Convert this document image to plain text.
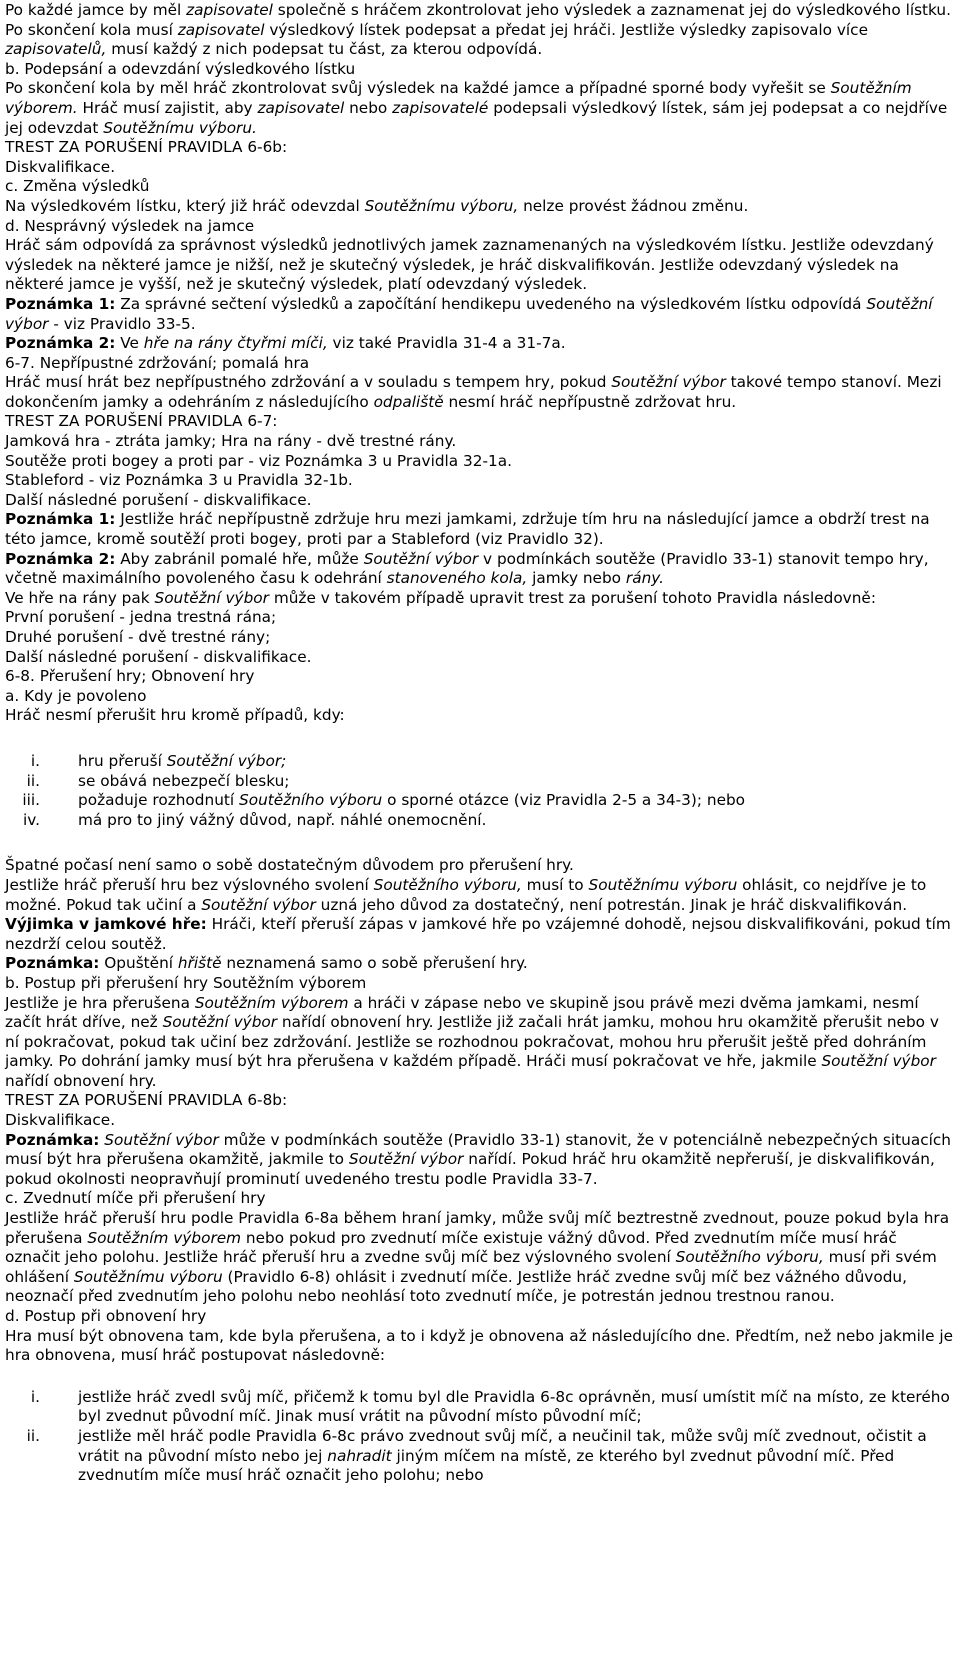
Po každé jamce by měl zapisovatel společně s hráčem zkontrolovat jeho výsledek a zaznamenat jej do výsledkového lístku. Po skončení kola musí zapisovatel výsledkový lístek podepsat a předat jej hráči. Jestliže výsledky zapisovalo více zapisovatelů, musí každý z nich podepsat tu část, za kterou odpovídá.

b. Podepsání a odevzdání výsledkového lístku

Po skončení kola by měl hráč zkontrolovat svůj výsledek na každé jamce a případné sporné body vyřešit se Soutěžním výborem. Hráč musí zajistit, aby zapisovatel nebo zapisovatelé podepsali výsledkový lístek, sám jej podepsat a co nejdříve jej odevzdat Soutěžnímu výboru.

TREST ZA PORUŠENÍ PRAVIDLA 6-6b:

Diskvalifikace.

c. Změna výsledků

Na výsledkovém lístku, který již hráč odevzdal Soutěžnímu výboru, nelze provést žádnou změnu.

d. Nesprávný výsledek na jamce

Hráč sám odpovídá za správnost výsledků jednotlivých jamek zaznamenaných na výsledkovém lístku. Jestliže odevzdaný výsledek na některé jamce je nižší, než je skutečný výsledek, je hráč diskvalifikován. Jestliže odevzdaný výsledek na některé jamce je vyšší, než je skutečný výsledek, platí odevzdaný výsledek.

Poznámka 1: Za správné sečtení výsledků a započítání hendikepu uvedeného na výsledkovém lístku odpovídá Soutěžní výbor - viz Pravidlo 33-5.

Poznámka 2: Ve hře na rány čtyřmi míči, viz také Pravidla 31-4 a 31-7a.

6-7. Nepřípustné zdržování; pomalá hra

Hráč musí hrát bez nepřípustného zdržování a v souladu s tempem hry, pokud Soutěžní výbor takové tempo stanoví. Mezi dokončením jamky a odehráním z následujícího odpaliště nesmí hráč nepřípustně zdržovat hru.

TREST ZA PORUŠENÍ PRAVIDLA 6-7:

Jamková hra - ztráta jamky; Hra na rány - dvě trestné rány.

Soutěže proti bogey a proti par - viz Poznámka 3 u Pravidla 32-1a.

Stableford - viz Poznámka 3 u Pravidla 32-1b.

Další následné porušení - diskvalifikace.

Poznámka 1: Jestliže hráč nepřípustně zdržuje hru mezi jamkami, zdržuje tím hru na následující jamce a obdrží trest na této jamce, kromě soutěží proti bogey, proti par a Stableford (viz Pravidlo 32).

Poznámka 2: Aby zabránil pomalé hře, může Soutěžní výbor v podmínkách soutěže (Pravidlo 33-1) stanovit tempo hry, včetně maximálního povoleného času k odehrání stanoveného kola, jamky nebo rány.

Ve hře na rány pak Soutěžní výbor může v takovém případě upravit trest za porušení tohoto Pravidla následovně:

První porušení - jedna trestná rána;

Druhé porušení - dvě trestné rány;

Další následné porušení - diskvalifikace.

6-8. Přerušení hry; Obnovení hry

a. Kdy je povoleno

Hráč nesmí přerušit hru kromě případů, kdy:

i.	hru přeruší Soutěžní výbor;
ii.	se obává nebezpečí blesku;
iii.	požaduje rozhodnutí Soutěžního výboru o sporné otázce (viz Pravidla 2-5 a 34-3); nebo
iv.	má pro to jiný vážný důvod, např. náhlé onemocnění.

Špatné počasí není samo o sobě dostatečným důvodem pro přerušení hry.

Jestliže hráč přeruší hru bez výslovného svolení Soutěžního výboru, musí to Soutěžnímu výboru ohlásit, co nejdříve je to možné. Pokud tak učiní a Soutěžní výbor uzná jeho důvod za dostatečný, není potrestán. Jinak je hráč diskvalifikován.

Výjimka v jamkové hře: Hráči, kteří přeruší zápas v jamkové hře po vzájemné dohodě, nejsou diskvalifikováni, pokud tím nezdrží celou soutěž.

Poznámka: Opuštění hřiště neznamená samo o sobě přerušení hry.

b. Postup při přerušení hry Soutěžním výborem

Jestliže je hra přerušena Soutěžním výborem a hráči v zápase nebo ve skupině jsou právě mezi dvěma jamkami, nesmí začít hrát dříve, než Soutěžní výbor nařídí obnovení hry. Jestliže již začali hrát jamku, mohou hru okamžitě přerušit nebo v ní pokračovat, pokud tak učiní bez zdržování. Jestliže se rozhodnou pokračovat, mohou hru přerušit ještě před dohráním jamky. Po dohrání jamky musí být hra přerušena v každém případě. Hráči musí pokračovat ve hře, jakmile Soutěžní výbor nařídí obnovení hry.

TREST ZA PORUŠENÍ PRAVIDLA 6-8b:

Diskvalifikace.

Poznámka: Soutěžní výbor může v podmínkách soutěže (Pravidlo 33-1) stanovit, že v potenciálně nebezpečných situacích musí být hra přerušena okamžitě, jakmile to Soutěžní výbor nařídí. Pokud hráč hru okamžitě nepřeruší, je diskvalifikován, pokud okolnosti neopravňují prominutí uvedeného trestu podle Pravidla 33-7.

c. Zvednutí míče při přerušení hry

Jestliže hráč přeruší hru podle Pravidla 6-8a během hraní jamky, může svůj míč beztrestně zvednout, pouze pokud byla hra přerušena Soutěžním výborem nebo pokud pro zvednutí míče existuje vážný důvod. Před zvednutím míče musí hráč označit jeho polohu. Jestliže hráč přeruší hru a zvedne svůj míč bez výslovného svolení Soutěžního výboru, musí při svém ohlášení Soutěžnímu výboru (Pravidlo 6-8) ohlásit i zvednutí míče. Jestliže hráč zvedne svůj míč bez vážného důvodu, neoznačí před zvednutím jeho polohu nebo neohlásí toto zvednutí míče, je potrestán jednou trestnou ranou.

d. Postup při obnovení hry

Hra musí být obnovena tam, kde byla přerušena, a to i když je obnovena až následujícího dne. Předtím, než nebo jakmile je hra obnovena, musí hráč postupovat následovně:

i.	jestliže hráč zvedl svůj míč, přičemž k tomu byl dle Pravidla 6-8c oprávněn, musí umístit míč na místo, ze kterého byl zvednut původní míč. Jinak musí vrátit na původní místo původní míč;
ii.	jestliže měl hráč podle Pravidla 6-8c právo zvednout svůj míč, a neučinil tak, může svůj míč zvednout, očistit a vrátit na původní místo nebo jej nahradit jiným míčem na místě, ze kterého byl zvednut původní míč. Před zvednutím míče musí hráč označit jeho polohu; nebo
